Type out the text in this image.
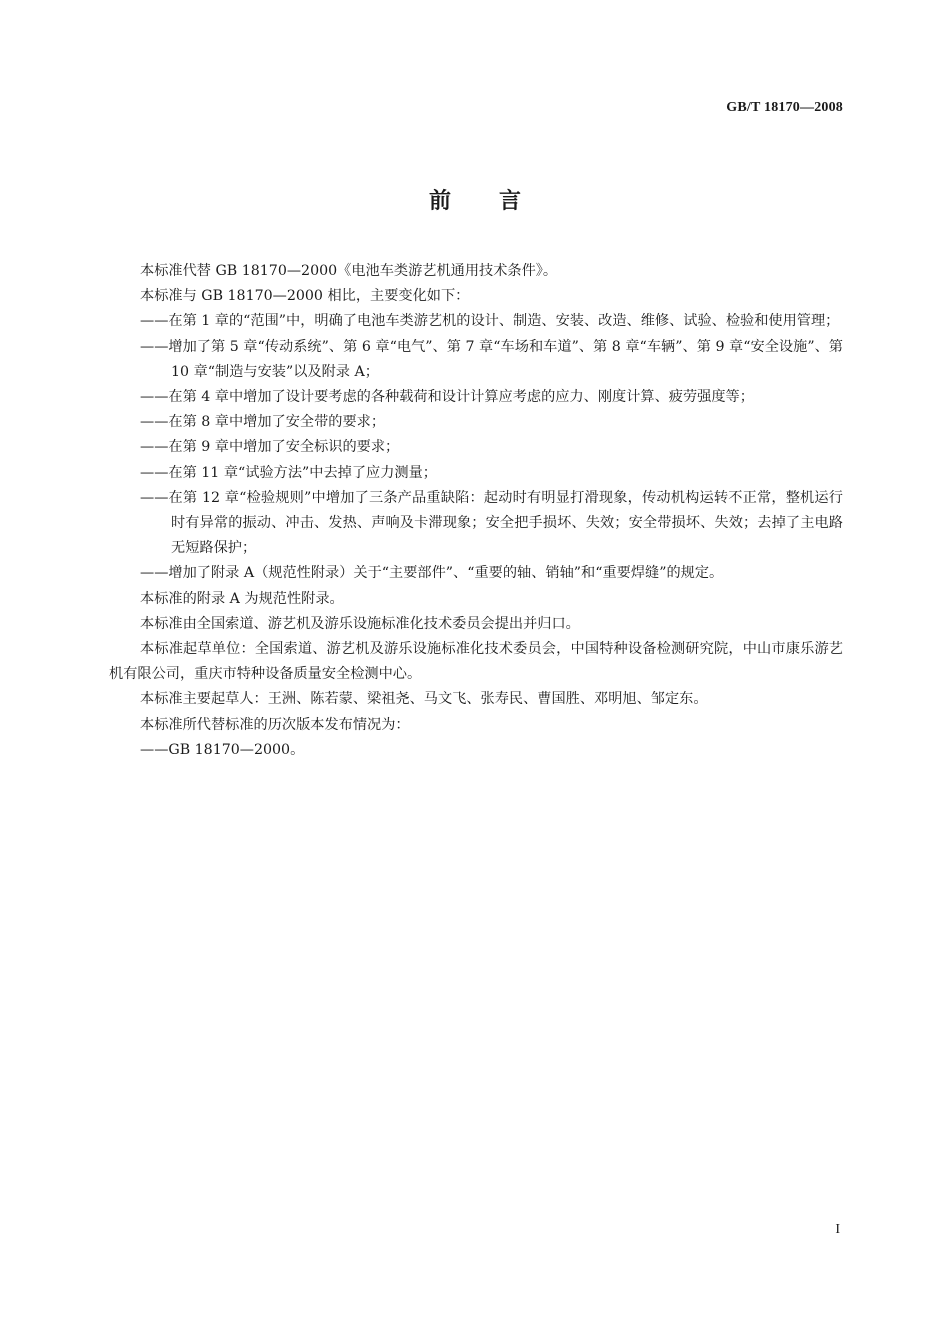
GB/T 18170—2008
前言

本标准代替 GB 18170—2000《电池车类游艺机通用技术条件》。

本标准与 GB 18170—2000 相比，主要变化如下：

——在第 1 章的“范围”中，明确了电池车类游艺机的设计、制造、安装、改造、维修、试验、检验和使用管理；

——增加了第 5 章“传动系统”、第 6 章“电气”、第 7 章“车场和车道”、第 8 章“车辆”、第 9 章“安全设施”、第 10 章“制造与安装”以及附录 A；

——在第 4 章中增加了设计要考虑的各种载荷和设计计算应考虑的应力、刚度计算、疲劳强度等；

——在第 8 章中增加了安全带的要求；

——在第 9 章中增加了安全标识的要求；

——在第 11 章“试验方法”中去掉了应力测量；

——在第 12 章“检验规则”中增加了三条产品重缺陷：起动时有明显打滑现象，传动机构运转不正常，整机运行时有异常的振动、冲击、发热、声响及卡滞现象；安全把手损坏、失效；安全带损坏、失效；去掉了主电路无短路保护；

——增加了附录 A（规范性附录）关于“主要部件”、“重要的轴、销轴”和“重要焊缝”的规定。

本标准的附录 A 为规范性附录。

本标准由全国索道、游艺机及游乐设施标准化技术委员会提出并归口。

本标准起草单位：全国索道、游艺机及游乐设施标准化技术委员会，中国特种设备检测研究院，中山市康乐游艺机有限公司，重庆市特种设备质量安全检测中心。

本标准主要起草人：王洲、陈若蒙、梁祖尧、马文飞、张寿民、曹国胜、邓明旭、邹定东。

本标准所代替标准的历次版本发布情况为：

——GB 18170—2000。

I
